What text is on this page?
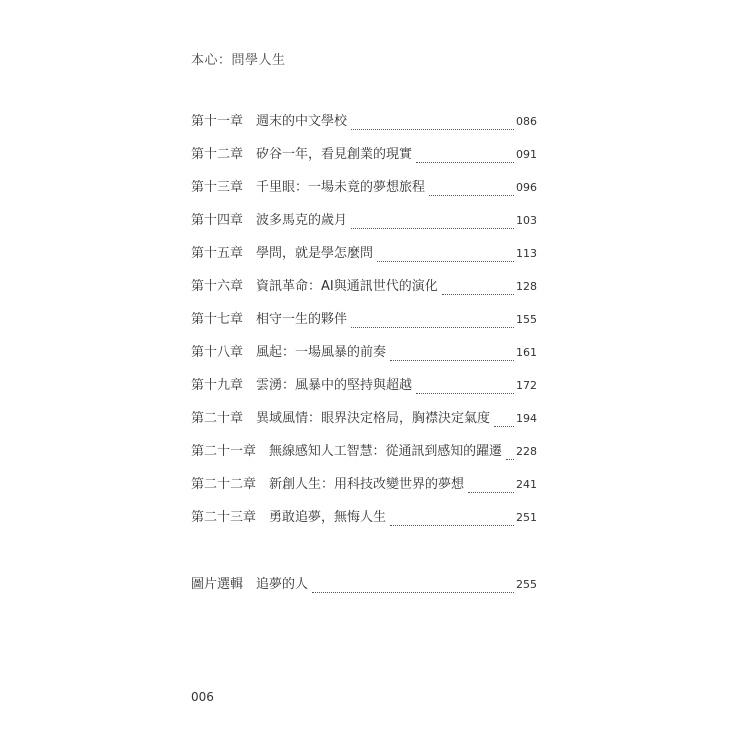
本心：問學人生
第十一章 週末的中文學校	086
第十二章 矽谷一年，看見創業的現實	091
第十三章 千里眼：一場未竟的夢想旅程	096
第十四章 波多馬克的歲月	103
第十五章 學問，就是學怎麼問	113
第十六章 資訊革命：AI與通訊世代的演化	128
第十七章 相守一生的夥伴	155
第十八章 風起：一場風暴的前奏	161
第十九章 雲湧：風暴中的堅持與超越	172
第二十章 異域風情：眼界決定格局，胸襟決定氣度 194
第二十一章 無線感知人工智慧：從通訊到感知的躍遷 228
第二十二章 新創人生：用科技改變世界的夢想	241
第二十三章 勇敢追夢，無悔人生	251
圖片選輯 追夢的人	255
006
